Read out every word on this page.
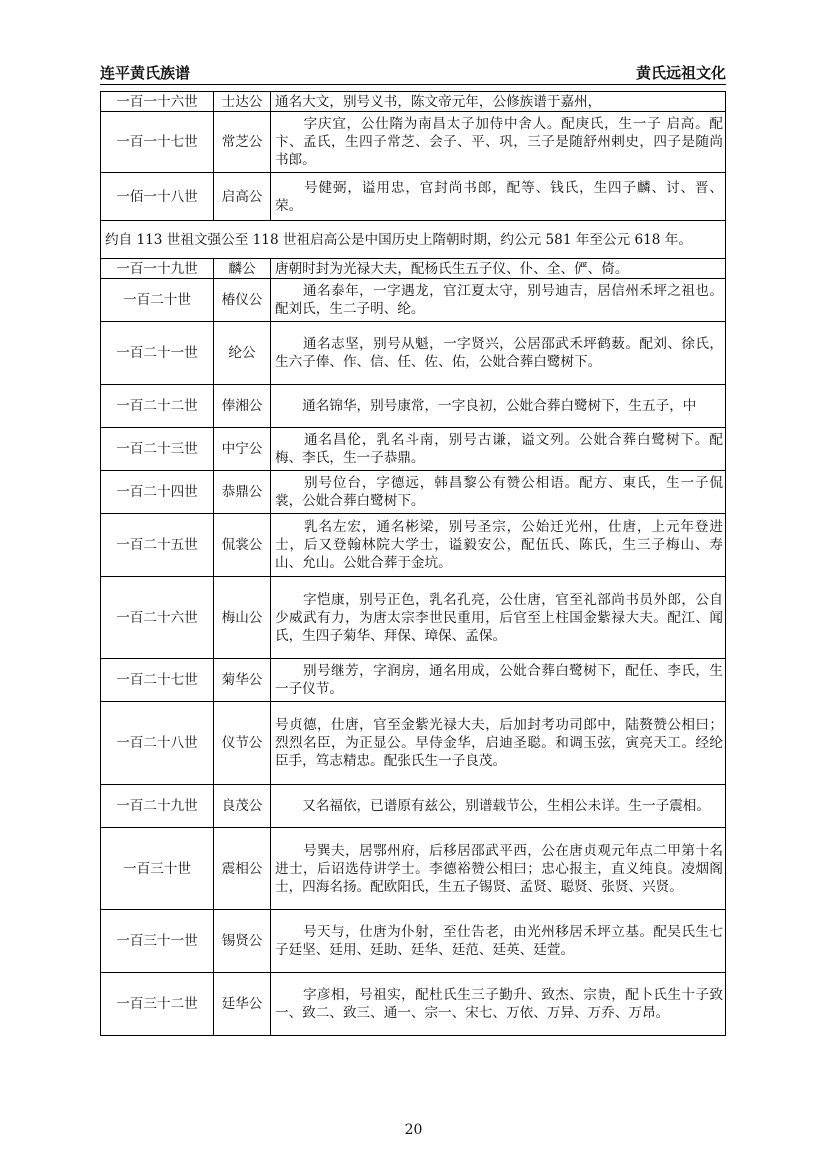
连平黄氏族谱	黄氏远祖文化
一百一十六世	士达公	通名大文，别号义书，陈文帝元年，公修族谱于嘉州，
一百一十七世	常芝公	　　字庆宜，公仕隋为南昌太子加侍中舍人。配庚氏，生一子 启高。配卞、孟氏，生四子常芝、会子、平、巩，三子是随舒州剌史，四子是随尚书郎。
一佰一十八世	启高公	　　号健弼，谥用忠，官封尚书郎，配等、钱氏，生四子麟、讨、晋、荣。
约自 113 世祖文强公至 118 世祖启高公是中国历史上隋朝时期，约公元 581 年至公元 618 年。		
一百一十九世	麟公	唐朝时封为光禄大夫，配杨氏生五子仪、仆、全、俨、倚。
一百二十世	椿仪公	　　通名泰年，一字遇龙，官江夏太守，别号迪吉，居信州禾坪之祖也。配刘氏，生二子明、纶。
一百二十一世	纶公	　　通名志坚，别号从魁，一字贤兴，公居邵武禾坪鹤薮。配刘、徐氏，生六子俸、作、信、任、佐、佑，公妣合葬白鹭树下。
一百二十二世	俸湘公	　　通名锦华，别号康常，一字良初，公妣合葬白鹭树下，生五子，中
一百二十三世	中宁公	　　通名昌伦，乳名斗南，别号古谦，谥文列。公妣合葬白鹭树下。配梅、李氏，生一子恭鼎。
一百二十四世	恭鼎公	　　别号位台，字德远，韩昌黎公有赞公相语。配方、東氏，生一子侃裳，公妣合葬白鹭树下。
一百二十五世	侃裳公	　　乳名左宏，通名彬梁，别号圣宗，公始迁光州，仕唐，上元年登进士，后又登翰林院大学士，谥毅安公，配伍氏、陈氏，生三子梅山、寿山、允山。公妣合葬于金坑。
一百二十六世	梅山公	　　字恺康，别号正色，乳名孔亮，公仕唐，官至礼部尚书员外郎，公自少威武有力，为唐太宗李世民重用，后官至上柱国金紫禄大夫。配江、闻氏，生四子菊华、拜保、璋保、孟保。
一百二十七世	菊华公	　　别号继芳，字润房，通名用成，公妣合葬白鹭树下，配任、李氏，生一子仪节。
一百二十八世	仪节公	号贞德，仕唐，官至金紫光禄大夫，后加封考功司郎中，陆赘赞公相曰；烈烈名臣，为正显公。早侍金华，启迪圣聪。和调玉弦，寅亮天工。经纶臣手，笃志精忠。配张氏生一子良茂。
一百二十九世	良茂公	　　又名福依，已谱原有兹公，别谱载节公，生相公未详。生一子震相。
一百三十世	震相公	　　号巽夫，居鄂州府，后移居邵武平西，公在唐贞观元年点二甲第十名进士，后诏选侍讲学士。李德裕赞公相曰；忠心报主，直义纯良。凌烟阁士，四海名扬。配欧阳氏，生五子锡贤、孟贤、聪贤、张贤、兴贤。
一百三十一世	锡贤公	　　号天与，仕唐为仆射，至仕告老，由光州移居禾坪立基。配吴氏生七子廷坚、廷用、廷助、廷华、廷范、廷英、廷萱。
一百三十二世	廷华公	　　字彦相，号祖实，配杜氏生三子勤升、致杰、宗贵，配卜氏生十子致一、致二、致三、通一、宗一、宋七、万依、万异、万乔、万昂。
20
